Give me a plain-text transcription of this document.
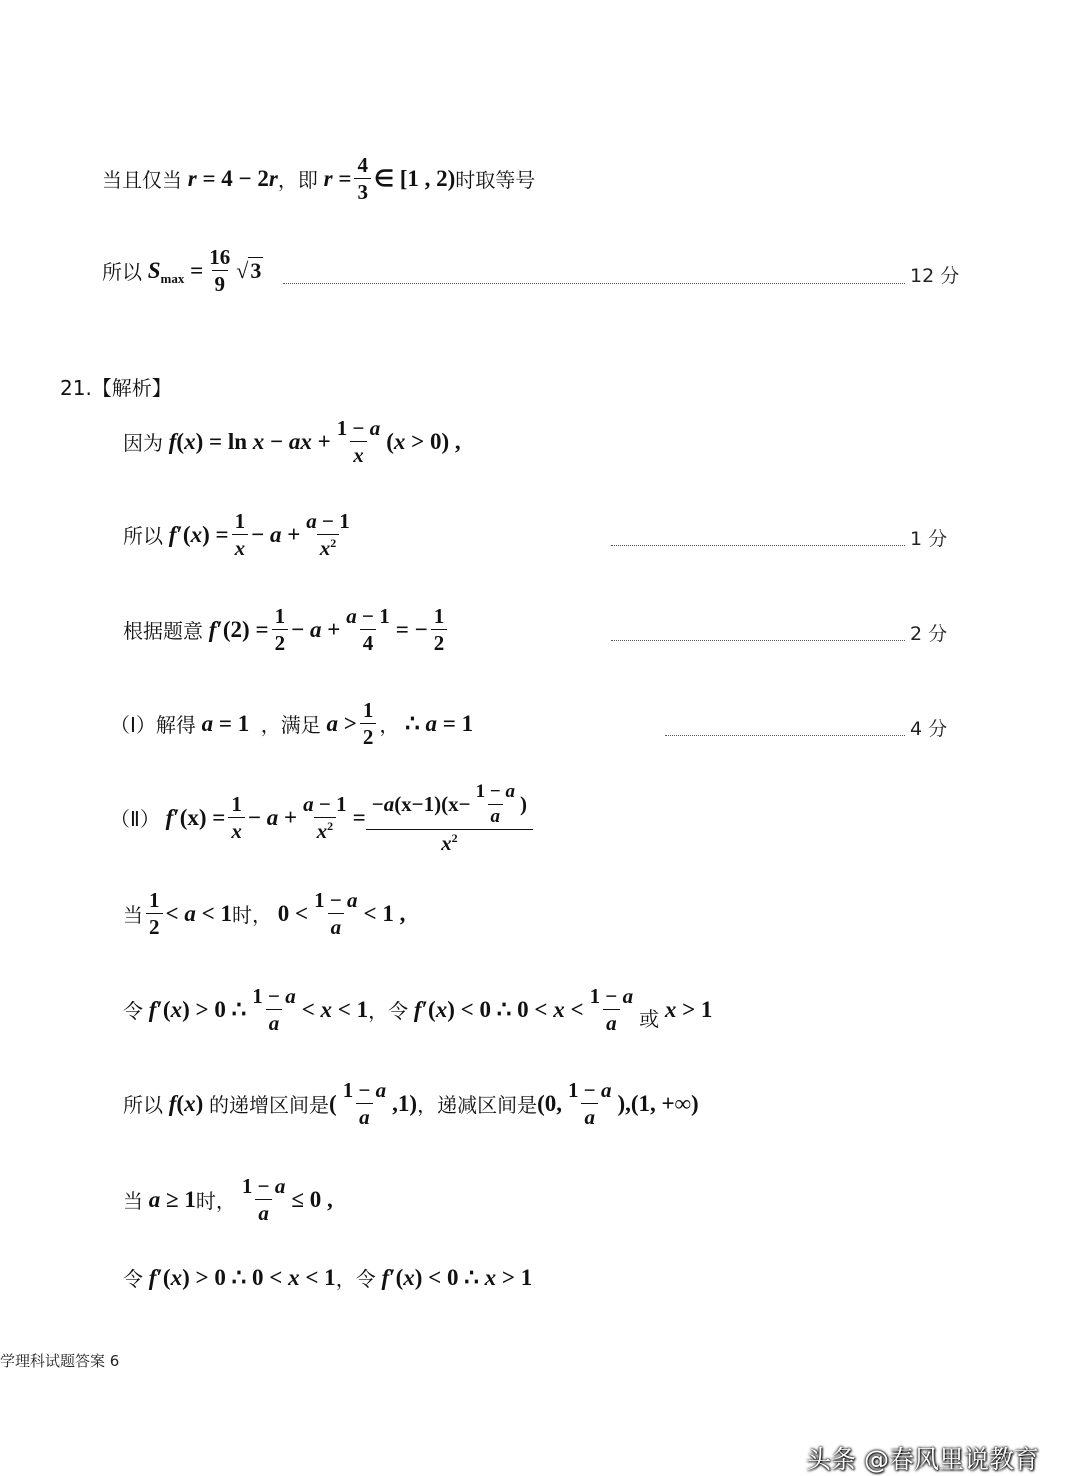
当且仅当 r = 4 − 2 r ， 即 $r = \frac{4}{3}$ ∈ [1 , 2) 时取等号
所以 S $\max = \frac{16}{9}$ √ 3	12 分
21.【解析】
因为 f ( x ) = ln x − ax + $\frac{1 - a}{x}$ ( x > 0) ,
所以 f ′( x ) = $\frac{1}{x} - a + \frac{a - 1}{x^2}$	1 分
根据题意 f $'(2) = \frac{1}{2} - a + \frac{a - 1}{4}$ = − $\frac{1}{2}$	2 分
（Ⅰ）解得 a = 1 ，满足 $a > \frac{1}{2}$ ， ∴ a = 1	4 分
（Ⅱ） f $'(x) = \frac{1}{x} - a + \frac{a - 1}{x^2} = \frac{- a (x-1)(x- \frac{1 - a}{a} )}{x^2}$
当 $\frac{1}{2} < a < 1$ 时， $0 < \frac{1 - a}{a} < 1$ ,
令 f ′( x ) > 0 ∴ $\frac{1 - a}{a} < x < 1$ ， 令 f ′( x ) < 0 ∴ $0 < x < \frac{1 - a}{a}$ 或 x > 1
所以 f ( x ) 的递增区间是 ( $\frac{1 - a}{a} ,1$) ， 递减区间是 (0, $\frac{1 - a}{a} ),(1$, +∞)
当 a ≥ 1 时， $\frac{1 - a}{a} \le 0$ ,
令 f ′( x ) > 0 ∴ 0 < x < 1 ， 令 f ′( x ) < 0 ∴ x > 1
学理科试题答案 6
头条 @春风里说教育
